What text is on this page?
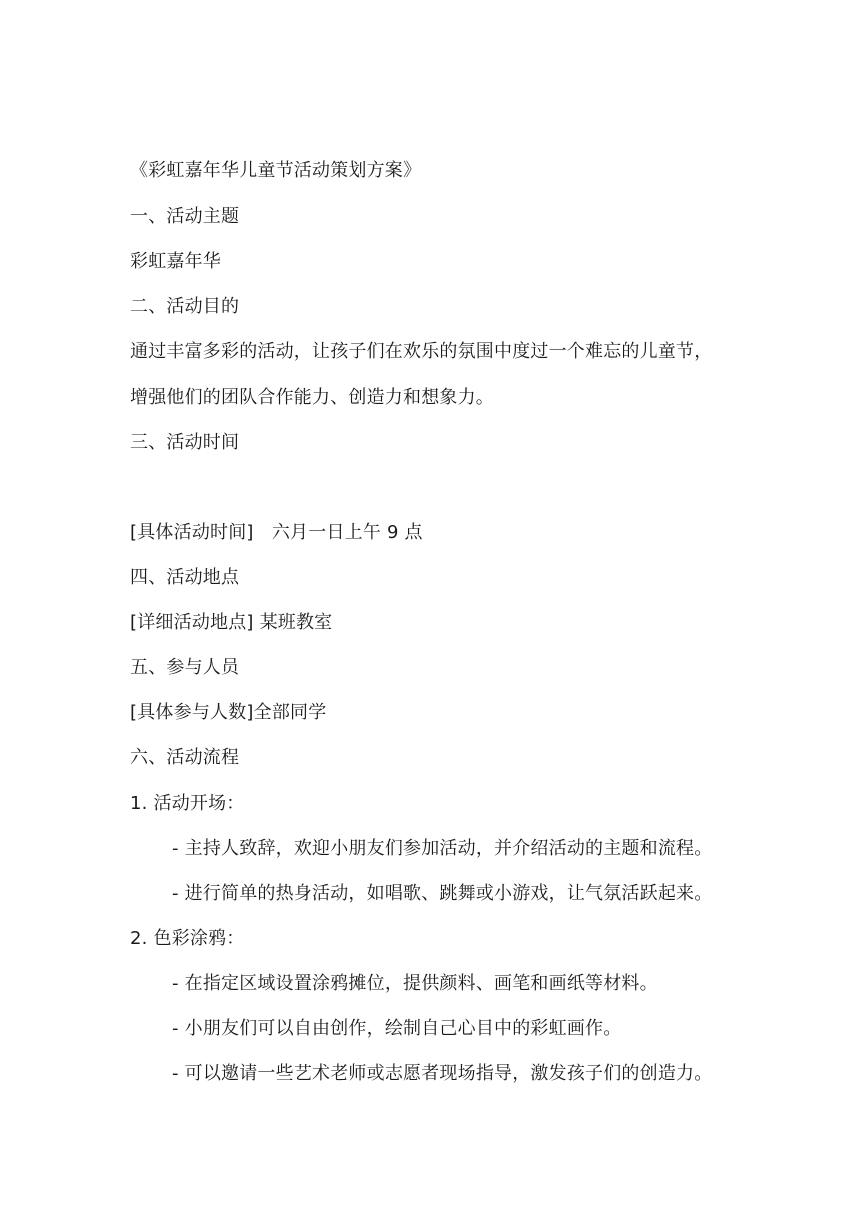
《彩虹嘉年华儿童节活动策划方案》
一、活动主题
彩虹嘉年华
二、活动目的
通过丰富多彩的活动，让孩子们在欢乐的氛围中度过一个难忘的儿童节，
增强他们的团队合作能力、创造力和想象力。
三、活动时间
[具体活动时间]　六月一日上午 9 点
四、活动地点
[详细活动地点] 某班教室
五、参与人员
[具体参与人数]全部同学
六、活动流程
1. 活动开场：
- 主持人致辞，欢迎小朋友们参加活动，并介绍活动的主题和流程。
- 进行简单的热身活动，如唱歌、跳舞或小游戏，让气氛活跃起来。
2. 色彩涂鸦：
- 在指定区域设置涂鸦摊位，提供颜料、画笔和画纸等材料。
- 小朋友们可以自由创作，绘制自己心目中的彩虹画作。
- 可以邀请一些艺术老师或志愿者现场指导，激发孩子们的创造力。
